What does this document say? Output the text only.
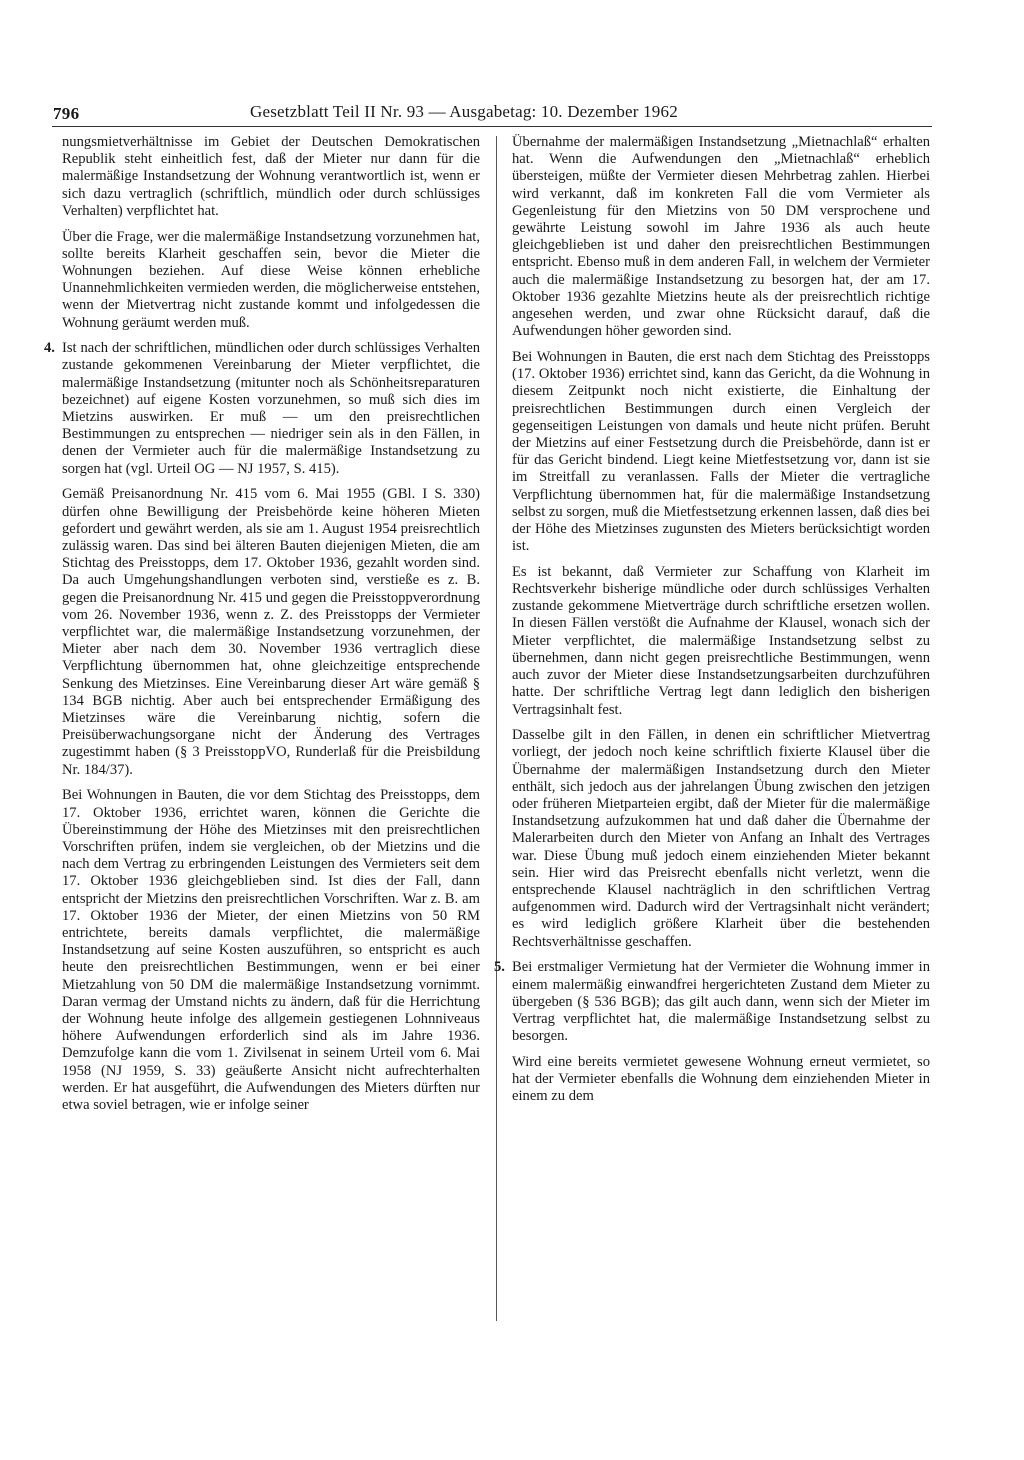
796	Gesetzblatt Teil II Nr. 93 — Ausgabetag: 10. Dezember 1962

nungsmietverhältnisse im Gebiet der Deutschen Demokratischen Republik steht einheitlich fest, daß der Mieter nur dann für die malermäßige Instandsetzung der Wohnung verantwortlich ist, wenn er sich dazu vertraglich (schriftlich, mündlich oder durch schlüssiges Verhalten) verpflichtet hat.

Über die Frage, wer die malermäßige Instandsetzung vorzunehmen hat, sollte bereits Klarheit geschaffen sein, bevor die Mieter die Wohnungen beziehen. Auf diese Weise können erhebliche Unannehmlichkeiten vermieden werden, die möglicherweise entstehen, wenn der Mietvertrag nicht zustande kommt und infolgedessen die Wohnung geräumt werden muß.

4. Ist nach der schriftlichen, mündlichen oder durch schlüssiges Verhalten zustande gekommenen Vereinbarung der Mieter verpflichtet, die malermäßige Instandsetzung (mitunter noch als Schönheitsreparaturen bezeichnet) auf eigene Kosten vorzunehmen, so muß sich dies im Mietzins auswirken. Er muß — um den preisrechtlichen Bestimmungen zu entsprechen — niedriger sein als in den Fällen, in denen der Vermieter auch für die malermäßige Instandsetzung zu sorgen hat (vgl. Urteil OG — NJ 1957, S. 415).

Gemäß Preisanordnung Nr. 415 vom 6. Mai 1955 (GBl. I S. 330) dürfen ohne Bewilligung der Preisbehörde keine höheren Mieten gefordert und gewährt werden, als sie am 1. August 1954 preisrechtlich zulässig waren. Das sind bei älteren Bauten diejenigen Mieten, die am Stichtag des Preisstopps, dem 17. Oktober 1936, gezahlt worden sind. Da auch Umgehungshandlungen verboten sind, verstieße es z. B. gegen die Preisanordnung Nr. 415 und gegen die Preisstoppverordnung vom 26. November 1936, wenn z. Z. des Preisstopps der Vermieter verpflichtet war, die malermäßige Instandsetzung vorzunehmen, der Mieter aber nach dem 30. November 1936 vertraglich diese Verpflichtung übernommen hat, ohne gleichzeitige entsprechende Senkung des Mietzinses. Eine Vereinbarung dieser Art wäre gemäß § 134 BGB nichtig. Aber auch bei entsprechender Ermäßigung des Mietzinses wäre die Vereinbarung nichtig, sofern die Preisüberwachungsorgane nicht der Änderung des Vertrages zugestimmt haben (§ 3 PreisstoppVO, Runderlaß für die Preisbildung Nr. 184/37).

Bei Wohnungen in Bauten, die vor dem Stichtag des Preisstopps, dem 17. Oktober 1936, errichtet waren, können die Gerichte die Übereinstimmung der Höhe des Mietzinses mit den preisrechtlichen Vorschriften prüfen, indem sie vergleichen, ob der Mietzins und die nach dem Vertrag zu erbringenden Leistungen des Vermieters seit dem 17. Oktober 1936 gleichgeblieben sind. Ist dies der Fall, dann entspricht der Mietzins den preisrechtlichen Vorschriften. War z. B. am 17. Oktober 1936 der Mieter, der einen Mietzins von 50 RM entrichtete, bereits damals verpflichtet, die malermäßige Instandsetzung auf seine Kosten auszuführen, so entspricht es auch heute den preisrechtlichen Bestimmungen, wenn er bei einer Mietzahlung von 50 DM die malermäßige Instandsetzung vornimmt. Daran vermag der Umstand nichts zu ändern, daß für die Herrichtung der Wohnung heute infolge des allgemein gestiegenen Lohnniveaus höhere Aufwendungen erforderlich sind als im Jahre 1936. Demzufolge kann die vom 1. Zivilsenat in seinem Urteil vom 6. Mai 1958 (NJ 1959, S. 33) geäußerte Ansicht nicht aufrechterhalten werden. Er hat ausgeführt, die Aufwendungen des Mieters dürften nur etwa soviel betragen, wie er infolge seiner

Übernahme der malermäßigen Instandsetzung „Mietnachlaß“ erhalten hat. Wenn die Aufwendungen den „Mietnachlaß“ erheblich übersteigen, müßte der Vermieter diesen Mehrbetrag zahlen. Hierbei wird verkannt, daß im konkreten Fall die vom Vermieter als Gegenleistung für den Mietzins von 50 DM versprochene und gewährte Leistung sowohl im Jahre 1936 als auch heute gleichgeblieben ist und daher den preisrechtlichen Bestimmungen entspricht. Ebenso muß in dem anderen Fall, in welchem der Vermieter auch die malermäßige Instandsetzung zu besorgen hat, der am 17. Oktober 1936 gezahlte Mietzins heute als der preisrechtlich richtige angesehen werden, und zwar ohne Rücksicht darauf, daß die Aufwendungen höher geworden sind.

Bei Wohnungen in Bauten, die erst nach dem Stichtag des Preisstopps (17. Oktober 1936) errichtet sind, kann das Gericht, da die Wohnung in diesem Zeitpunkt noch nicht existierte, die Einhaltung der preisrechtlichen Bestimmungen durch einen Vergleich der gegenseitigen Leistungen von damals und heute nicht prüfen. Beruht der Mietzins auf einer Festsetzung durch die Preisbehörde, dann ist er für das Gericht bindend. Liegt keine Mietfestsetzung vor, dann ist sie im Streitfall zu veranlassen. Falls der Mieter die vertragliche Verpflichtung übernommen hat, für die malermäßige Instandsetzung selbst zu sorgen, muß die Mietfestsetzung erkennen lassen, daß dies bei der Höhe des Mietzinses zugunsten des Mieters berücksichtigt worden ist.

Es ist bekannt, daß Vermieter zur Schaffung von Klarheit im Rechtsverkehr bisherige mündliche oder durch schlüssiges Verhalten zustande gekommene Mietverträge durch schriftliche ersetzen wollen. In diesen Fällen verstößt die Aufnahme der Klausel, wonach sich der Mieter verpflichtet, die malermäßige Instandsetzung selbst zu übernehmen, dann nicht gegen preisrechtliche Bestimmungen, wenn auch zuvor der Mieter diese Instandsetzungsarbeiten durchzuführen hatte. Der schriftliche Vertrag legt dann lediglich den bisherigen Vertragsinhalt fest.

Dasselbe gilt in den Fällen, in denen ein schriftlicher Mietvertrag vorliegt, der jedoch noch keine schriftlich fixierte Klausel über die Übernahme der malermäßigen Instandsetzung durch den Mieter enthält, sich jedoch aus der jahrelangen Übung zwischen den jetzigen oder früheren Mietparteien ergibt, daß der Mieter für die malermäßige Instandsetzung aufzukommen hat und daß daher die Übernahme der Malerarbeiten durch den Mieter von Anfang an Inhalt des Vertrages war. Diese Übung muß jedoch einem einziehenden Mieter bekannt sein. Hier wird das Preisrecht ebenfalls nicht verletzt, wenn die entsprechende Klausel nachträglich in den schriftlichen Vertrag aufgenommen wird. Dadurch wird der Vertragsinhalt nicht verändert; es wird lediglich größere Klarheit über die bestehenden Rechtsverhältnisse geschaffen.

5. Bei erstmaliger Vermietung hat der Vermieter die Wohnung immer in einem malermäßig einwandfrei hergerichteten Zustand dem Mieter zu übergeben (§ 536 BGB); das gilt auch dann, wenn sich der Mieter im Vertrag verpflichtet hat, die malermäßige Instandsetzung selbst zu besorgen.

Wird eine bereits vermietet gewesene Wohnung erneut vermietet, so hat der Vermieter ebenfalls die Wohnung dem einziehenden Mieter in einem zu dem
